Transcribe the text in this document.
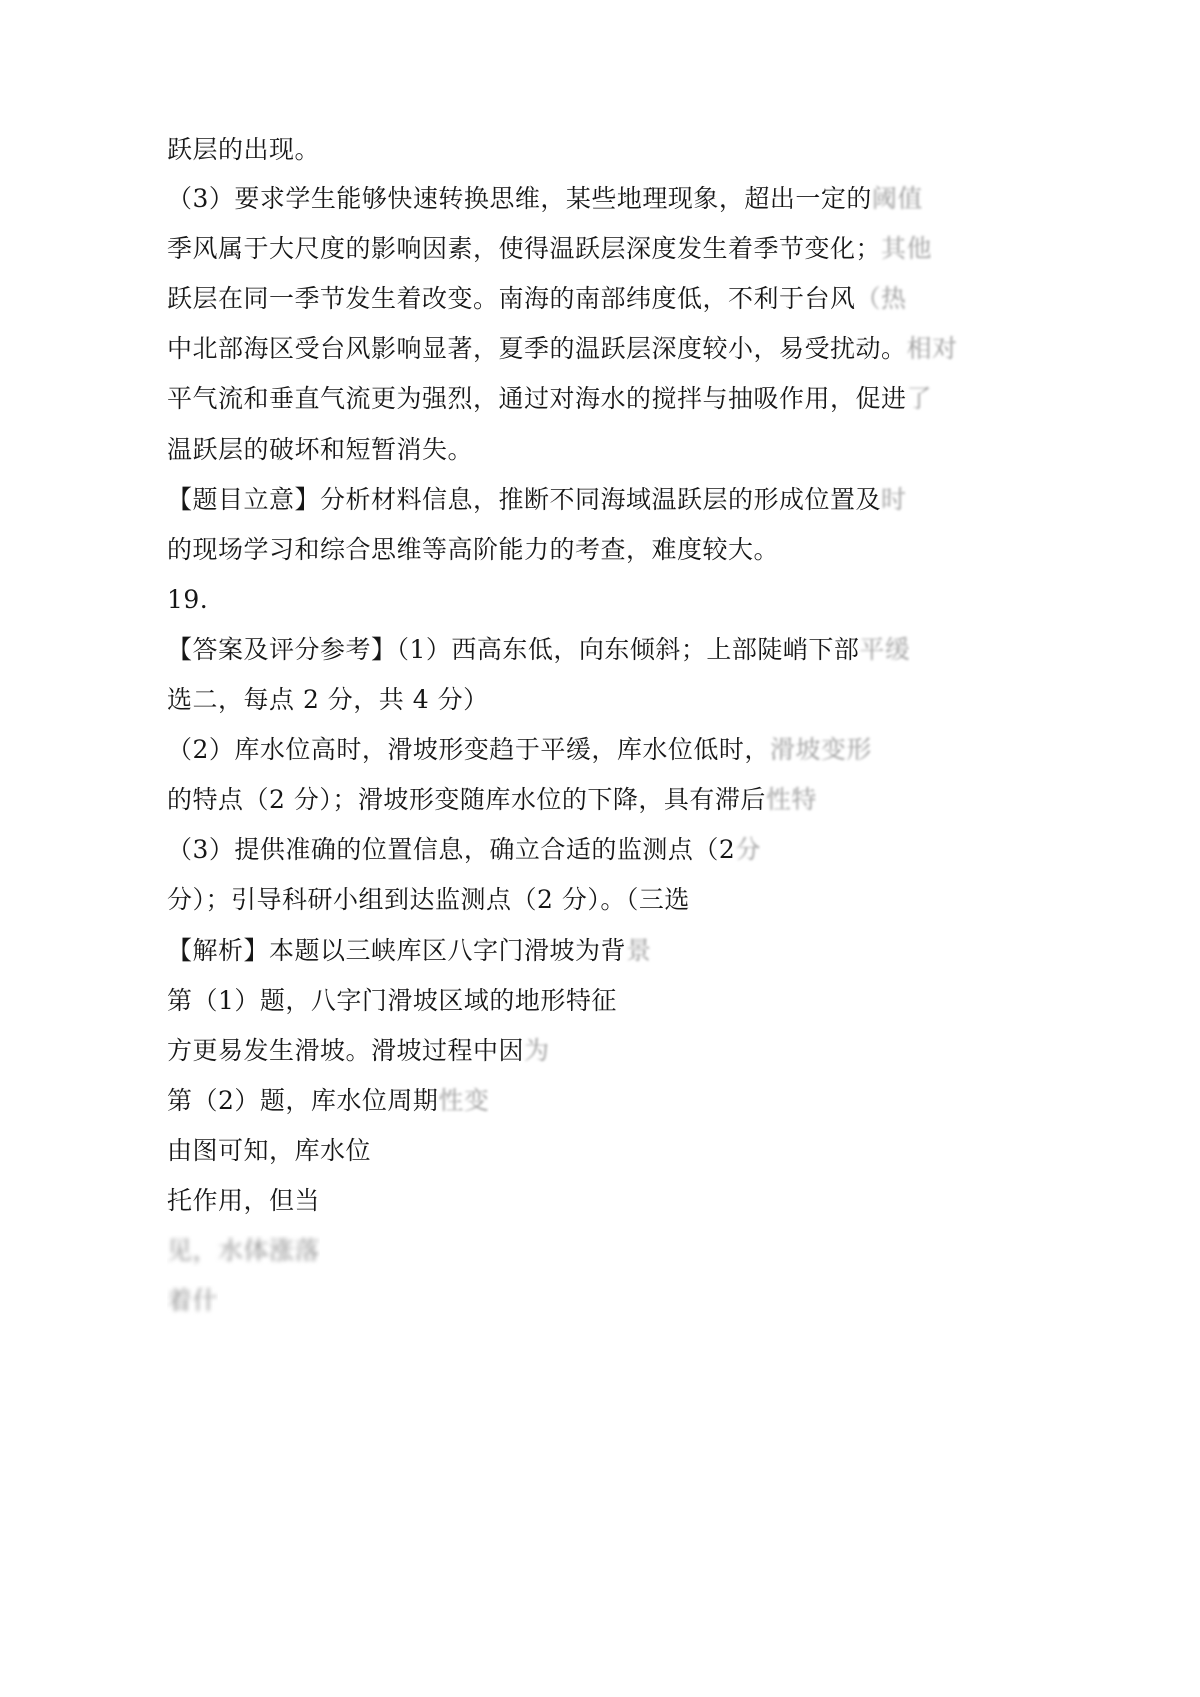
跃层的出现。
（3）要求学生能够快速转换思维，某些地理现象，超出一定的阈值
季风属于大尺度的影响因素，使得温跃层深度发生着季节变化；其他
跃层在同一季节发生着改变。南海的南部纬度低，不利于台风（热
中北部海区受台风影响显著，夏季的温跃层深度较小，易受扰动。相对
平气流和垂直气流更为强烈，通过对海水的搅拌与抽吸作用，促进了
温跃层的破坏和短暂消失。
【题目立意】分析材料信息，推断不同海域温跃层的形成位置及时
的现场学习和综合思维等高阶能力的考查，难度较大。
19.
【答案及评分参考】（1）西高东低，向东倾斜；上部陡峭下部平缓
选二，每点 2 分，共 4 分）
（2）库水位高时，滑坡形变趋于平缓，库水位低时，滑坡变形
的特点（2 分）；滑坡形变随库水位的下降，具有滞后性特
（3）提供准确的位置信息，确立合适的监测点（2分
分）；引导科研小组到达监测点（2 分）。（三选
【解析】本题以三峡库区八字门滑坡为背景
第（1）题，八字门滑坡区域的地形特征
方更易发生滑坡。滑坡过程中因为
第（2）题，库水位周期性变
由图可知，库水位
托作用，但当
见，水体涨落
着什
